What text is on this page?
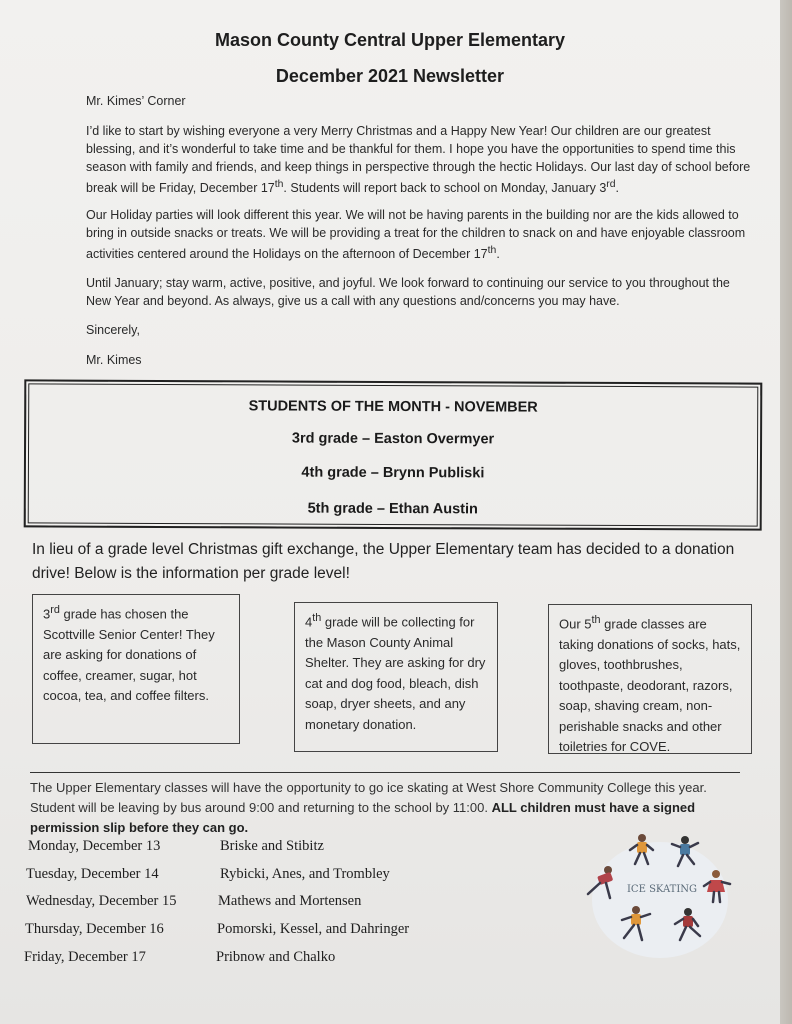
Mason County Central Upper Elementary
December 2021 Newsletter
Mr. Kimes’ Corner
I’d like to start by wishing everyone a very Merry Christmas and a Happy New Year! Our children are our greatest blessing, and it’s wonderful to take time and be thankful for them. I hope you have the opportunities to spend time this season with family and friends, and keep things in perspective through the hectic Holidays. Our last day of school before break will be Friday, December 17th. Students will report back to school on Monday, January 3rd.
Our Holiday parties will look different this year. We will not be having parents in the building nor are the kids allowed to bring in outside snacks or treats. We will be providing a treat for the children to snack on and have enjoyable classroom activities centered around the Holidays on the afternoon of December 17th.
Until January; stay warm, active, positive, and joyful. We look forward to continuing our service to you throughout the New Year and beyond. As always, give us a call with any questions and/concerns you may have.
Sincerely,
Mr. Kimes
STUDENTS OF THE MONTH - NOVEMBER
3rd grade – Easton Overmyer
4th grade – Brynn Publiski
5th grade – Ethan Austin
In lieu of a grade level Christmas gift exchange, the Upper Elementary team has decided to a donation drive! Below is the information per grade level!
3rd grade has chosen the Scottville Senior Center! They are asking for donations of coffee, creamer, sugar, hot cocoa, tea, and coffee filters.
4th grade will be collecting for the Mason County Animal Shelter. They are asking for dry cat and dog food, bleach, dish soap, dryer sheets, and any monetary donation.
Our 5th grade classes are taking donations of socks, hats, gloves, toothbrushes, toothpaste, deodorant, razors, soap, shaving cream, non-perishable snacks and other toiletries for COVE.
The Upper Elementary classes will have the opportunity to go ice skating at West Shore Community College this year. Student will be leaving by bus around 9:00 and returning to the school by 11:00. ALL children must have a signed permission slip before they can go.
Monday, December 13	Briske and Stibitz
Tuesday, December 14	Rybicki, Anes, and Trombley
Wednesday, December 15	Mathews and Mortensen
Thursday, December 16	Pomorski, Kessel, and Dahringer
Friday, December 17	Pribnow and Chalko
ICE SKATING
